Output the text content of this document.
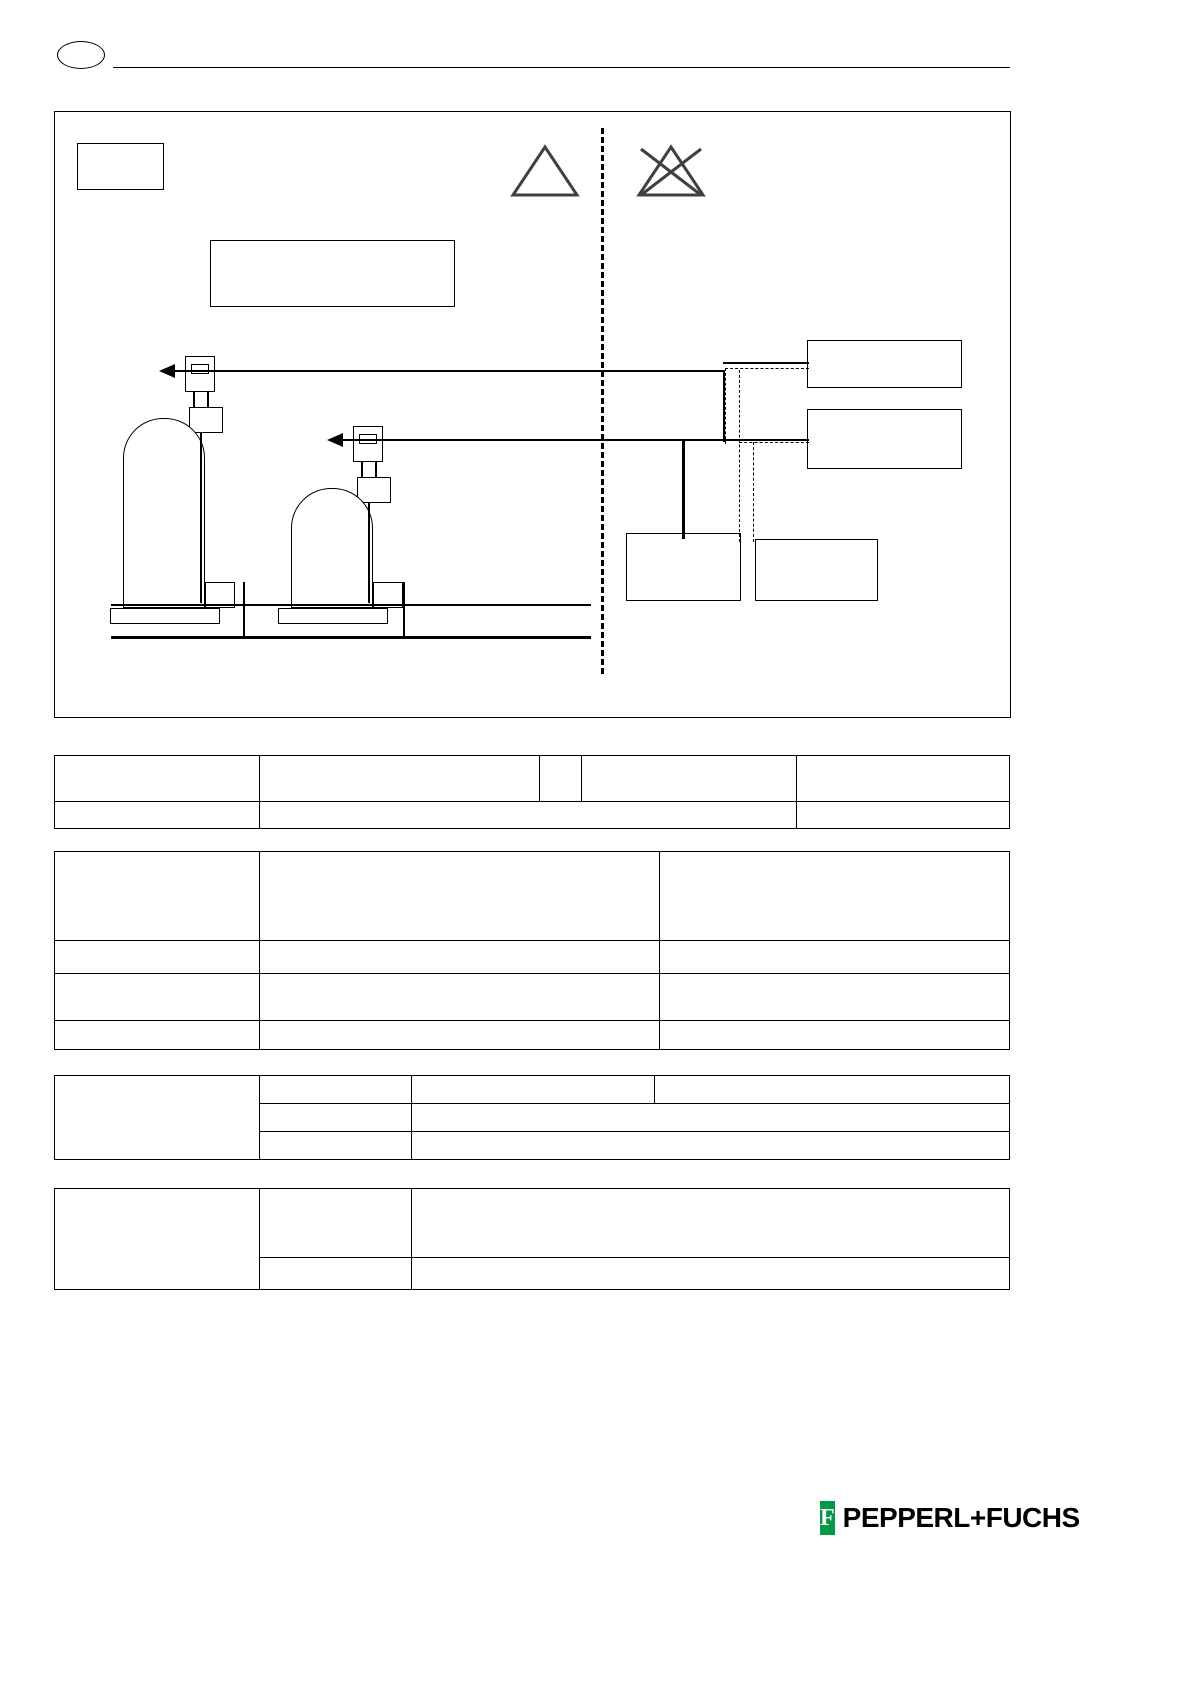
F PEPPERL+FUCHS
